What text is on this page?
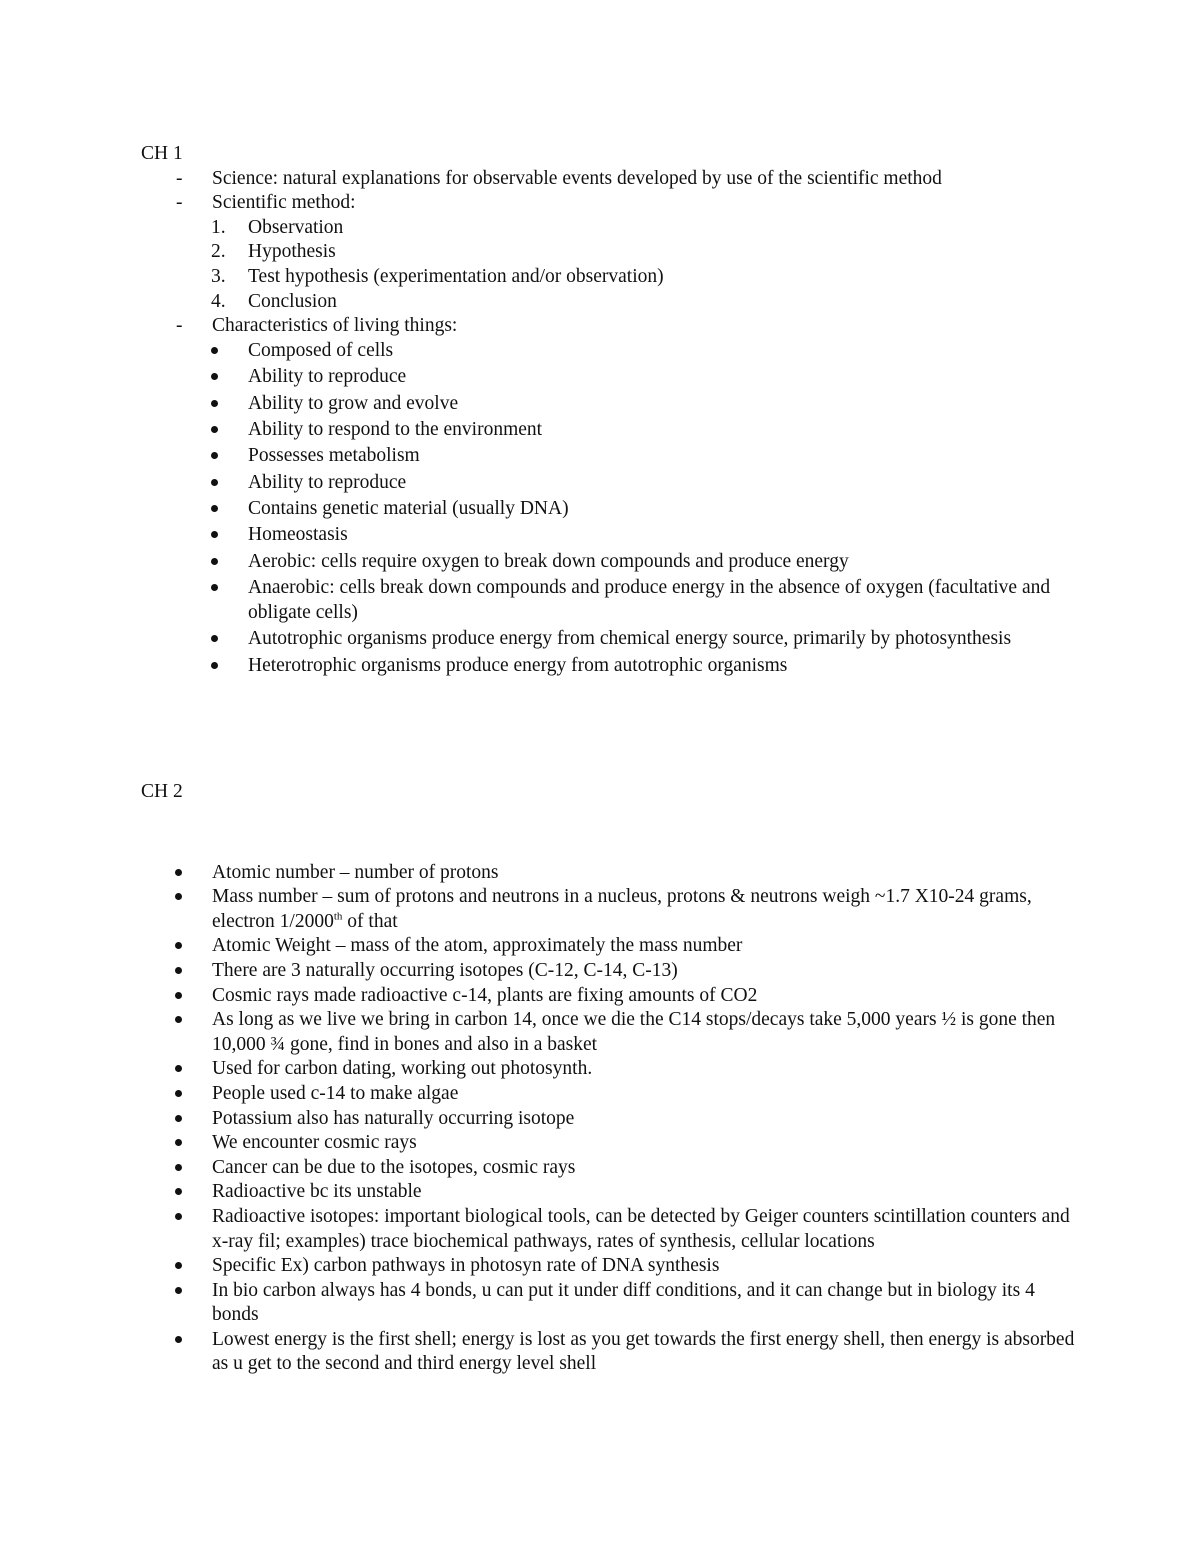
CH 1
- Science: natural explanations for observable events developed by use of the scientific method
- Scientific method:
1. Observation
2. Hypothesis
3. Test hypothesis (experimentation and/or observation)
4. Conclusion
- Characteristics of living things:
Composed of cells
Ability to reproduce
Ability to grow and evolve
Ability to respond to the environment
Possesses metabolism
Ability to reproduce
Contains genetic material (usually DNA)
Homeostasis
Aerobic: cells require oxygen to break down compounds and produce energy
Anaerobic: cells break down compounds and produce energy in the absence of oxygen (facultative and obligate cells)
Autotrophic organisms produce energy from chemical energy source, primarily by photosynthesis
Heterotrophic organisms produce energy from autotrophic organisms
CH 2
Atomic number – number of protons
Mass number – sum of protons and neutrons in a nucleus, protons & neutrons weigh ~1.7 X10-24 grams, electron 1/2000th of that
Atomic Weight – mass of the atom, approximately the mass number
There are 3 naturally occurring isotopes (C-12, C-14, C-13)
Cosmic rays made radioactive c-14, plants are fixing amounts of CO2
As long as we live we bring in carbon 14, once we die the C14 stops/decays take 5,000 years ½ is gone then 10,000 ¾ gone, find in bones and also in a basket
Used for carbon dating, working out photosynth.
People used c-14 to make algae
Potassium also has naturally occurring isotope
We encounter cosmic rays
Cancer can be due to the isotopes, cosmic rays
Radioactive bc its unstable
Radioactive isotopes: important biological tools, can be detected by Geiger counters scintillation counters and x-ray fil; examples) trace biochemical pathways, rates of synthesis, cellular locations
Specific Ex) carbon pathways in photosyn rate of DNA synthesis
In bio carbon always has 4 bonds, u can put it under diff conditions, and it can change but in biology its 4 bonds
Lowest energy is the first shell; energy is lost as you get towards the first energy shell, then energy is absorbed as u get to the second and third energy level shell
